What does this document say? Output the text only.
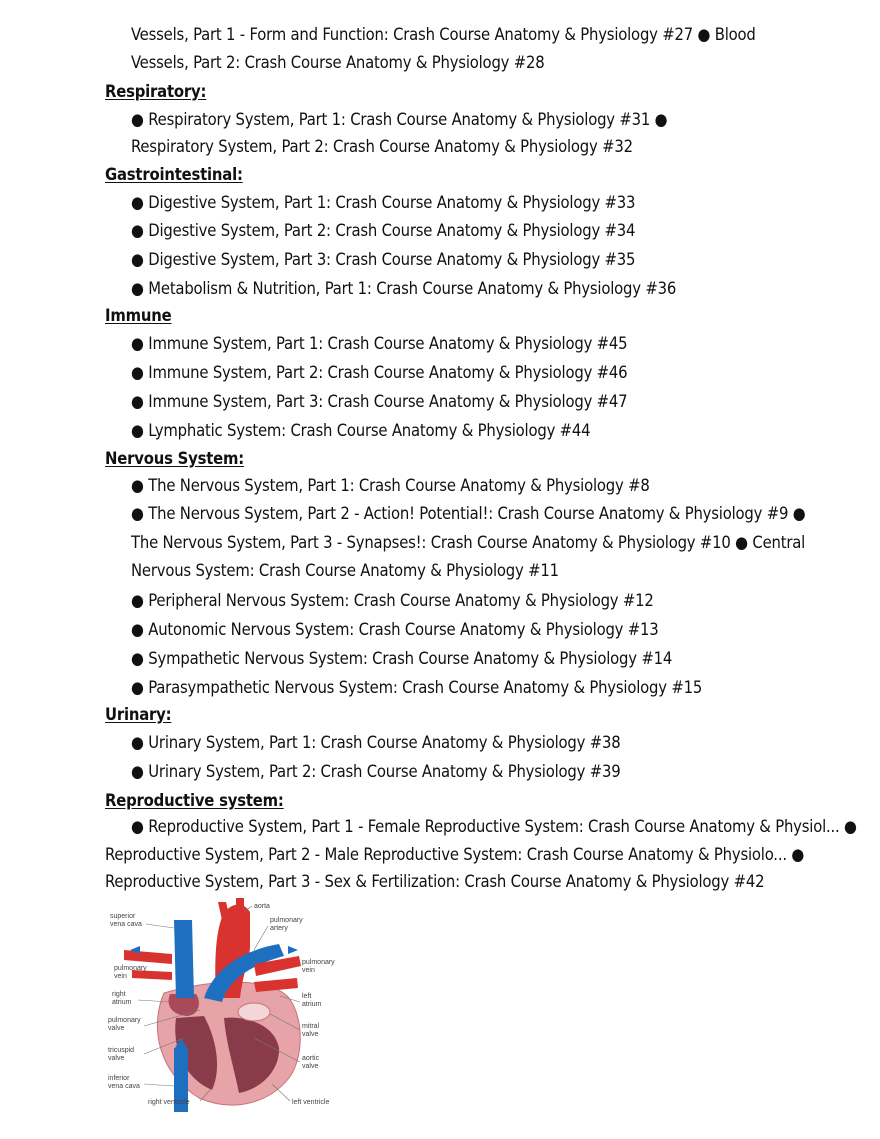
Vessels, Part 1 - Form and Function: Crash Course Anatomy & Physiology #27 ● Blood
Vessels, Part 2: Crash Course Anatomy & Physiology #28
Respiratory:
● Respiratory System, Part 1: Crash Course Anatomy & Physiology #31 ●
Respiratory System, Part 2: Crash Course Anatomy & Physiology #32
Gastrointestinal:
● Digestive System, Part 1: Crash Course Anatomy & Physiology #33
● Digestive System, Part 2: Crash Course Anatomy & Physiology #34
● Digestive System, Part 3: Crash Course Anatomy & Physiology #35
● Metabolism & Nutrition, Part 1: Crash Course Anatomy & Physiology #36
Immune
● Immune System, Part 1: Crash Course Anatomy & Physiology #45
● Immune System, Part 2: Crash Course Anatomy & Physiology #46
● Immune System, Part 3: Crash Course Anatomy & Physiology #47
● Lymphatic System: Crash Course Anatomy & Physiology #44
Nervous System:
● The Nervous System, Part 1: Crash Course Anatomy & Physiology #8
● The Nervous System, Part 2 - Action! Potential!: Crash Course Anatomy & Physiology #9 ●
The Nervous System, Part 3 - Synapses!: Crash Course Anatomy & Physiology #10 ● Central
Nervous System: Crash Course Anatomy & Physiology #11
● Peripheral Nervous System: Crash Course Anatomy & Physiology #12
● Autonomic Nervous System: Crash Course Anatomy & Physiology #13
● Sympathetic Nervous System: Crash Course Anatomy & Physiology #14
● Parasympathetic Nervous System: Crash Course Anatomy & Physiology #15
Urinary:
● Urinary System, Part 1: Crash Course Anatomy & Physiology #38
● Urinary System, Part 2: Crash Course Anatomy & Physiology #39
Reproductive system:
● Reproductive System, Part 1 - Female Reproductive System: Crash Course Anatomy & Physiol... ●
Reproductive System, Part 2 - Male Reproductive System: Crash Course Anatomy & Physiolo... ●
Reproductive System, Part 3 - Sex & Fertilization: Crash Course Anatomy & Physiology #42
superior
vena cava
aorta
pulmonary
artery
pulmonary
vein
pulmonary
vein
right
atrium
left
atrium
pulmonary
valve	mitral
valve
tricuspid
valve	aortic
valve
inferior
vena cava
right ventricle	left ventricle
